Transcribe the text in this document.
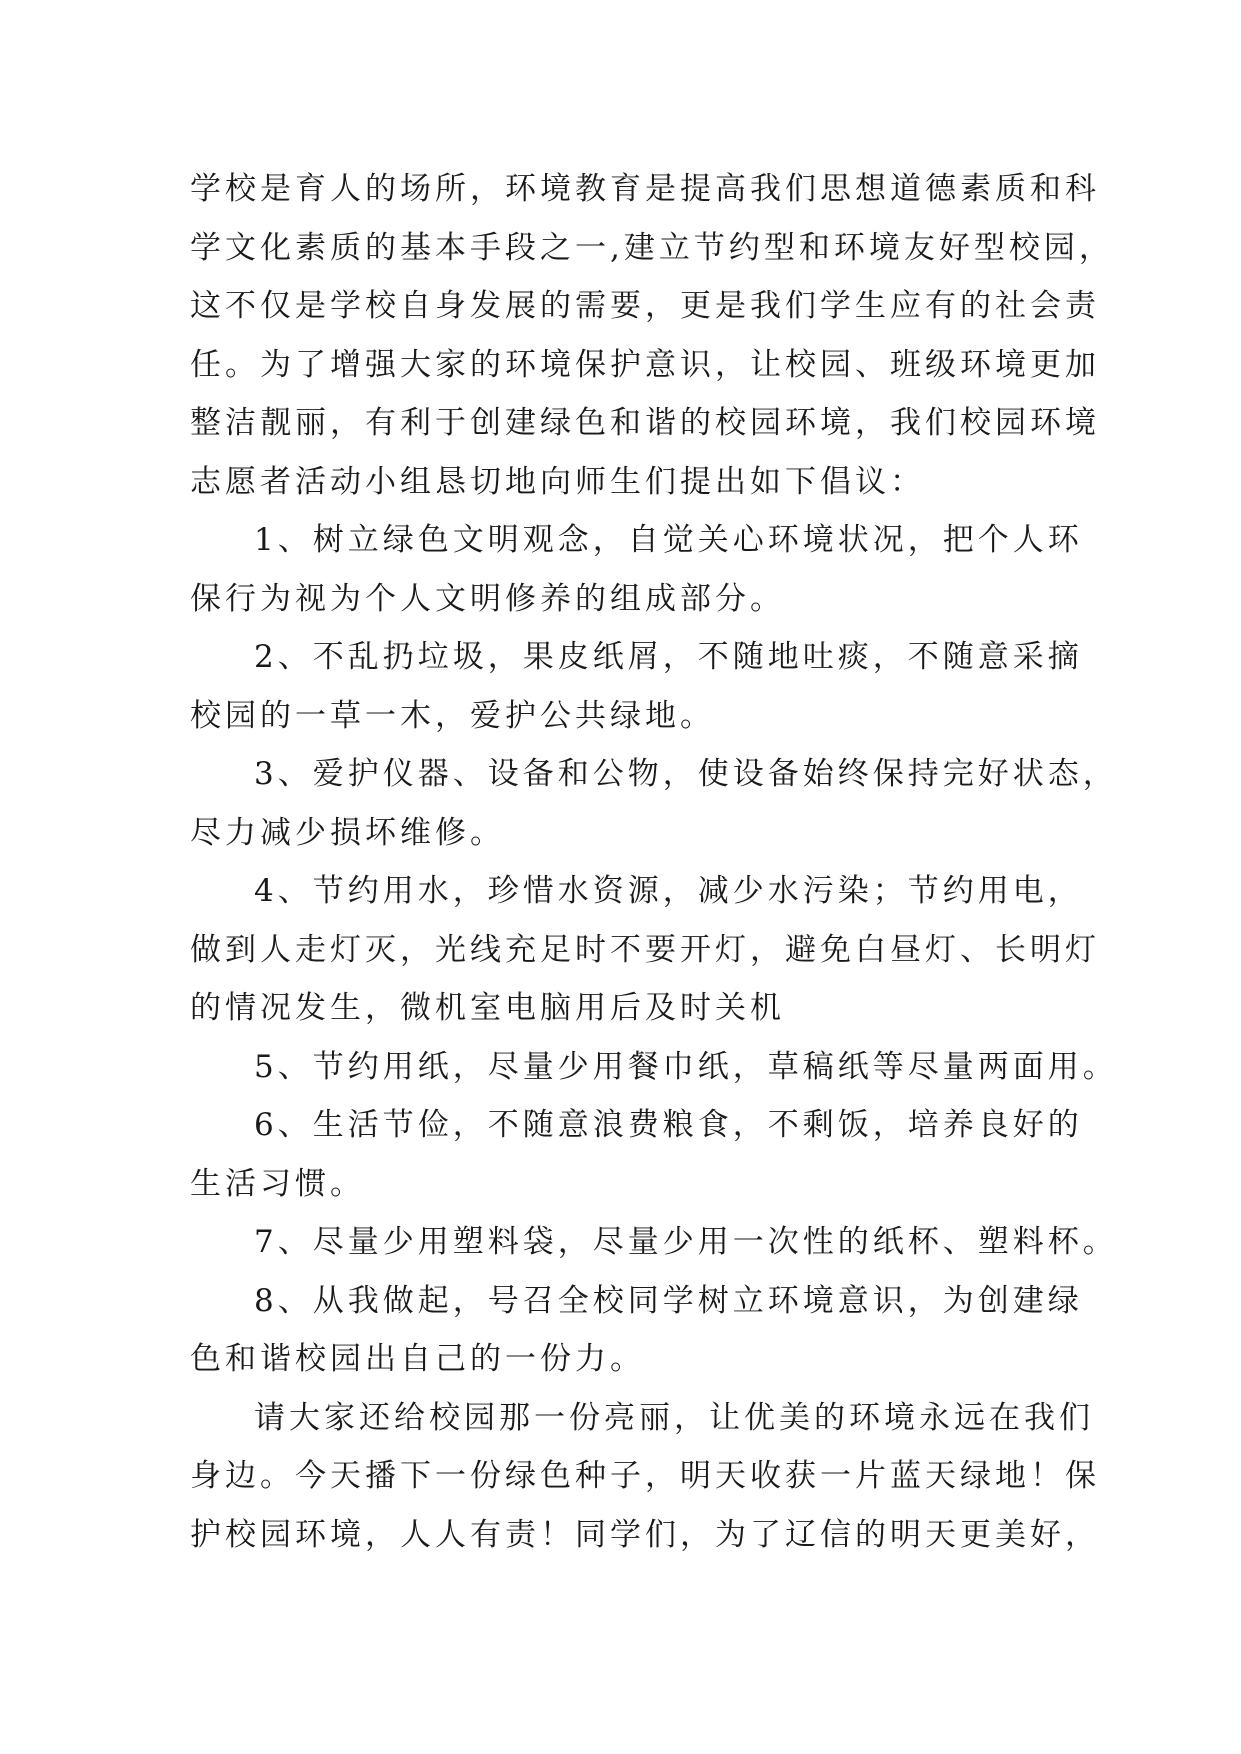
学校是育人的场所，环境教育是提高我们思想道德素质和科
学文化素质的基本手段之一,建立节约型和环境友好型校园，
这不仅是学校自身发展的需要，更是我们学生应有的社会责
任。为了增强大家的环境保护意识，让校园、班级环境更加
整洁靓丽，有利于创建绿色和谐的校园环境，我们校园环境
志愿者活动小组恳切地向师生们提出如下倡议：
1、树立绿色文明观念，自觉关心环境状况，把个人环
保行为视为个人文明修养的组成部分。
2、不乱扔垃圾，果皮纸屑，不随地吐痰，不随意采摘
校园的一草一木，爱护公共绿地。
3、爱护仪器、设备和公物，使设备始终保持完好状态，
尽力减少损坏维修。
4、节约用水，珍惜水资源，减少水污染；节约用电，
做到人走灯灭，光线充足时不要开灯，避免白昼灯、长明灯
的情况发生，微机室电脑用后及时关机
5、节约用纸，尽量少用餐巾纸，草稿纸等尽量两面用。
6、生活节俭，不随意浪费粮食，不剩饭，培养良好的
生活习惯。
7、尽量少用塑料袋，尽量少用一次性的纸杯、塑料杯。
8、从我做起，号召全校同学树立环境意识，为创建绿
色和谐校园出自己的一份力。
请大家还给校园那一份亮丽，让优美的环境永远在我们
身边。今天播下一份绿色种子，明天收获一片蓝天绿地！保
护校园环境，人人有责！同学们，为了辽信的明天更美好，
